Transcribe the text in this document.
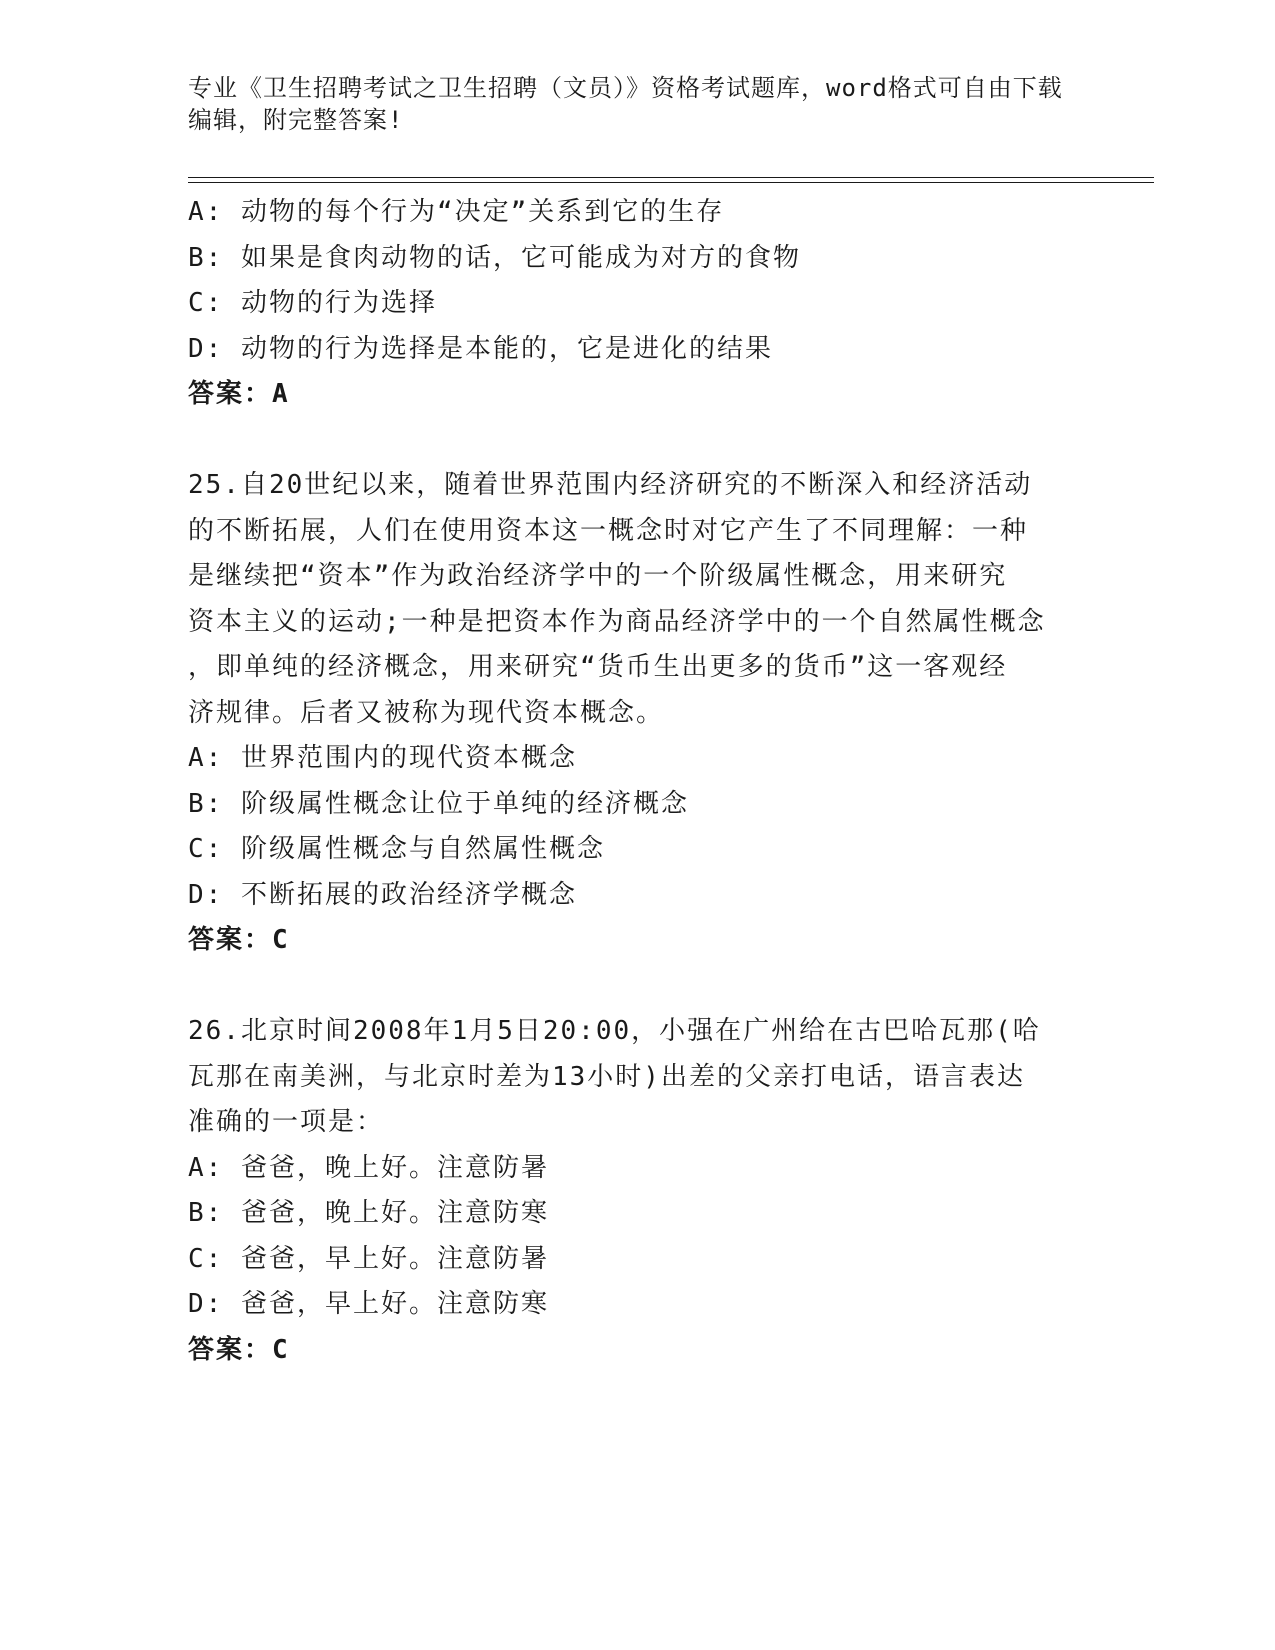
专业《卫生招聘考试之卫生招聘（文员）》资格考试题库，word格式可自由下载
编辑，附完整答案!
A: 动物的每个行为“决定”关系到它的生存
B: 如果是食肉动物的话，它可能成为对方的食物
C: 动物的行为选择
D: 动物的行为选择是本能的，它是进化的结果
答案：A
25.自20世纪以来，随着世界范围内经济研究的不断深入和经济活动
的不断拓展，人们在使用资本这一概念时对它产生了不同理解：一种
是继续把“资本”作为政治经济学中的一个阶级属性概念，用来研究
资本主义的运动;一种是把资本作为商品经济学中的一个自然属性概念
，即单纯的经济概念，用来研究“货币生出更多的货币”这一客观经
济规律。后者又被称为现代资本概念。
A: 世界范围内的现代资本概念
B: 阶级属性概念让位于单纯的经济概念
C: 阶级属性概念与自然属性概念
D: 不断拓展的政治经济学概念
答案：C
26.北京时间2008年1月5日20:00，小强在广州给在古巴哈瓦那(哈
瓦那在南美洲，与北京时差为13小时)出差的父亲打电话，语言表达
准确的一项是：
A: 爸爸，晚上好。注意防暑
B: 爸爸，晚上好。注意防寒
C: 爸爸，早上好。注意防暑
D: 爸爸，早上好。注意防寒
答案：C
